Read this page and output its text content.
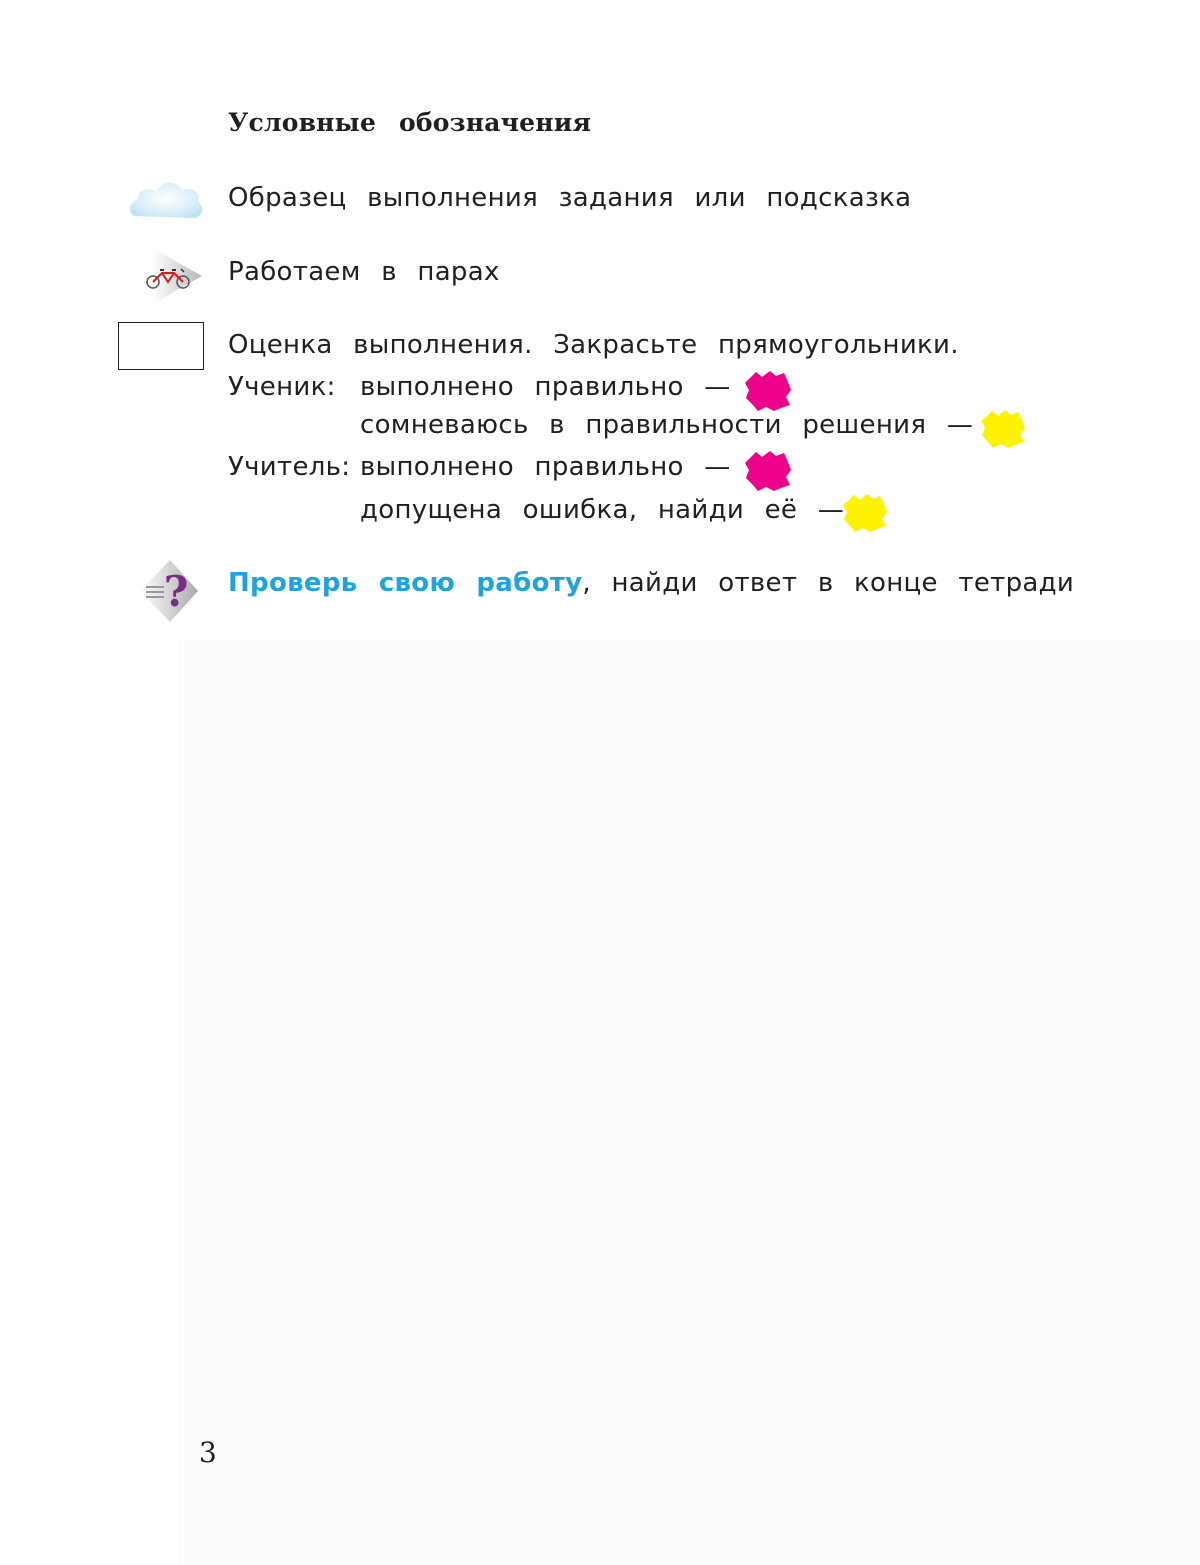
Условные обозначения
Образец выполнения задания или подсказка
Работаем в парах
Оценка выполнения. Закрасьте прямоугольники.
Ученик: выполнено правильно —
сомневаюсь в правильности решения —
Учитель: выполнено правильно —
допущена ошибка, найди её —
? Проверь свою работу, найди ответ в конце тетради
3
